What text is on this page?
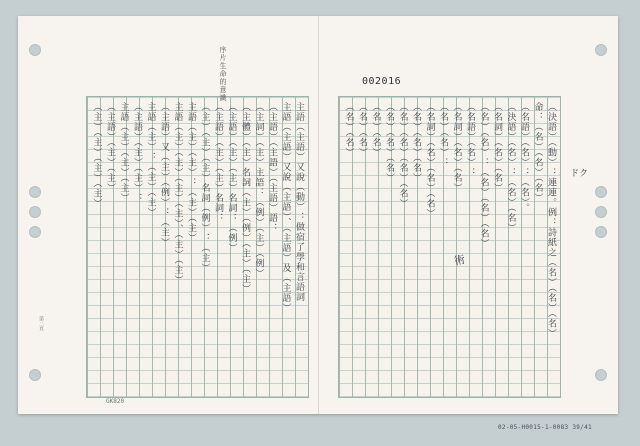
002016
序片生命的意識
ドク
術
GK820
第二頁
主語（主語）又說（動）：做宿了學和言語詞
主語（主語）又說（主語）、（主語）及（主語）
（主語）（主語）（主語）語：
（主詞）（主）主語：（例）（主）（例）
（主體）（主）名詞（主）（例）（主）（主）
（主語）（主）（主）名詞：（例）
（主語）（主）（主）名詞：
（主）（主）（主）名詞（例）：（主）
主語（主）（主）：（主）（主）
主語（主）（主）（主）（主）、（主）（主）
（主語）又（主）（例）：（主）
主語（主）：（主）（主）
（主語）（主）（主）：
主語（主）（主）（主）
（主語）（主）（主）
（主）（主）（主）（主）	（決語）（動）：連連。例：詩紙之（名）（名）（名）
命：（名）（名）（名）
（名語）（名）：（名）。
（決語）（名）：（名）（名）
（名詞）（名）（名）
（名）（名）：（名）（名）（名）
（名語）（名）：
（名詞）（名）（名）
（名）（名）：
（名詞）（名）（名）（名）
（名）（名）（名）
（名）（名）（名）（名）
（名）（名）（名）
（名）（名）
（名）（名）
（名）（名）
02-05-H0015-1-0083 39/41
